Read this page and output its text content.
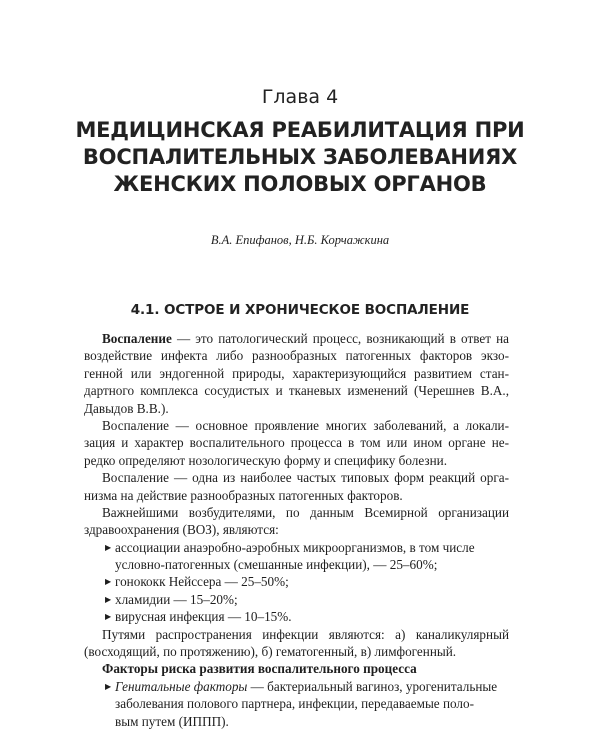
Глава 4
МЕДИЦИНСКАЯ РЕАБИЛИТАЦИЯ ПРИ
ВОСПАЛИТЕЛЬНЫХ ЗАБОЛЕВАНИЯХ
ЖЕНСКИХ ПОЛОВЫХ ОРГАНОВ
В.А. Епифанов, Н.Б. Корчажкина
4.1. ОСТРОЕ И ХРОНИЧЕСКОЕ ВОСПАЛЕНИЕ
Воспаление — это патологический процесс, возникающий в ответ на
воздействие инфекта либо разнообразных патогенных факторов экзо-
генной или эндогенной природы, характеризующийся развитием стан-
дартного комплекса сосудистых и тканевых изменений (Черешнев В.А.,
Давыдов В.В.).
Воспаление — основное проявление многих заболеваний, а локали-
зация и характер воспалительного процесса в том или ином органе не-
редко определяют нозологическую форму и специфику болезни.
Воспаление — одна из наиболее частых типовых форм реакций орга-
низма на действие разнообразных патогенных факторов.
Важнейшими возбудителями, по данным Всемирной организации
здравоохранения (ВОЗ), являются:
▶ ассоциации анаэробно-аэробных микроорганизмов, в том числе
условно-патогенных (смешанные инфекции), — 25–60%;
▶ гонококк Нейссера — 25–50%;
▶ хламидии — 15–20%;
▶ вирусная инфекция — 10–15%.
Путями распространения инфекции являются: а) каналикулярный
(восходящий, по протяжению), б) гематогенный, в) лимфогенный.
Факторы риска развития воспалительного процесса
▶ Генитальные факторы — бактериальный вагиноз, урогенитальные
заболевания полового партнера, инфекции, передаваемые поло-
вым путем (ИППП).
